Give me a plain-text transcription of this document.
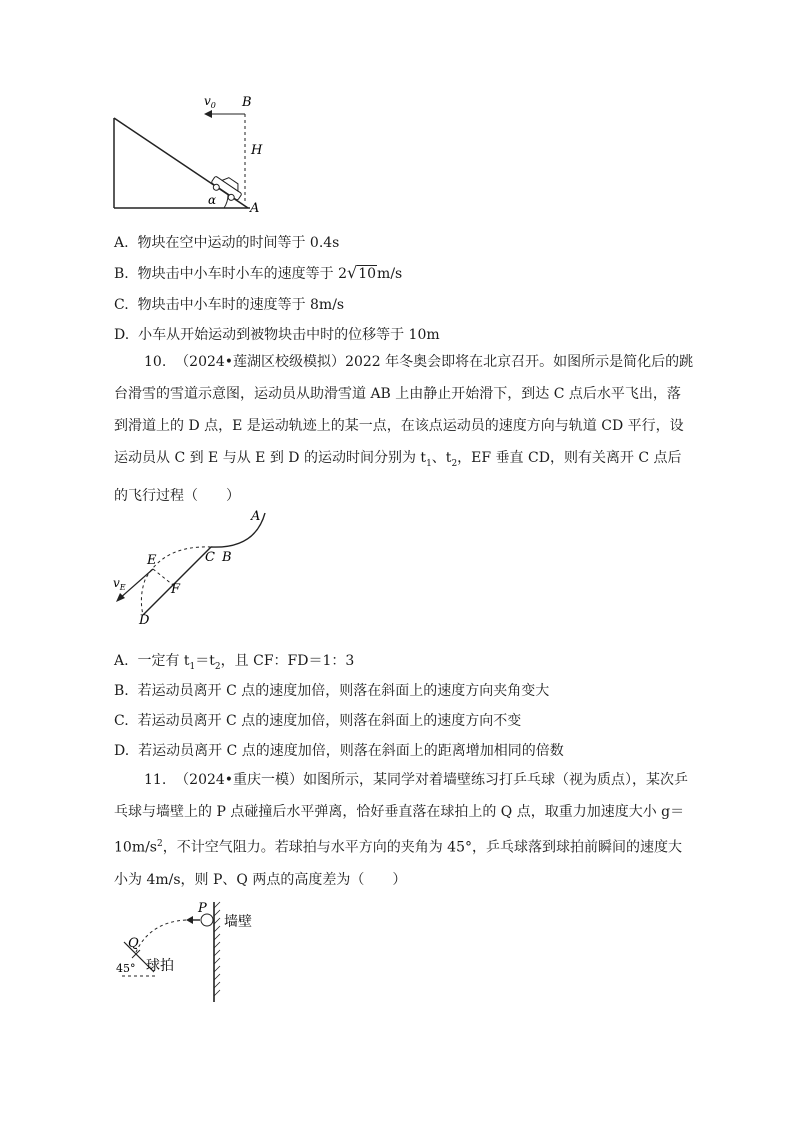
$v_0$ B
H
α
A
A. 物块在空中运动的时间等于 0.4s
B. 物块击中小车时小车的速度等于 2√10m/s
C. 物块击中小车时的速度等于 8m/s
D. 小车从开始运动到被物块击中时的位移等于 10m
10. （2024•莲湖区校级模拟）2022 年冬奥会即将在北京召开。如图所示是简化后的跳台滑雪的雪道示意图，运动员从助滑雪道 AB 上由静止开始滑下，到达 C 点后水平飞出，落到滑道上的 D 点，E 是运动轨迹上的某一点，在该点运动员的速度方向与轨道 CD 平行，设运动员从 C 到 E 与从 E 到 D 的运动时间分别为 $t_1$、$t_2$，EF 垂直 CD，则有关离开 C 点后的飞行过程（　　）
A
C B
E
F
D
$v_E$
A. 一定有 $t_1=t_2$，且 CF：FD＝1：3
B. 若运动员离开 C 点的速度加倍，则落在斜面上的速度方向夹角变大
C. 若运动员离开 C 点的速度加倍，则落在斜面上的速度方向不变
D. 若运动员离开 C 点的速度加倍，则落在斜面上的距离增加相同的倍数
11. （2024•重庆一模）如图所示，某同学对着墙壁练习打乒乓球（视为质点），某次乒乓球与墙壁上的 P 点碰撞后水平弹离，恰好垂直落在球拍上的 Q 点，取重力加速度大小 $g=10m/s^2$，不计空气阻力。若球拍与水平方向的夹角为 45°，乒乓球落到球拍前瞬间的速度大小为 4m/s，则 P、Q 两点的高度差为（　　）
P
Q
墙壁
球拍
45°
